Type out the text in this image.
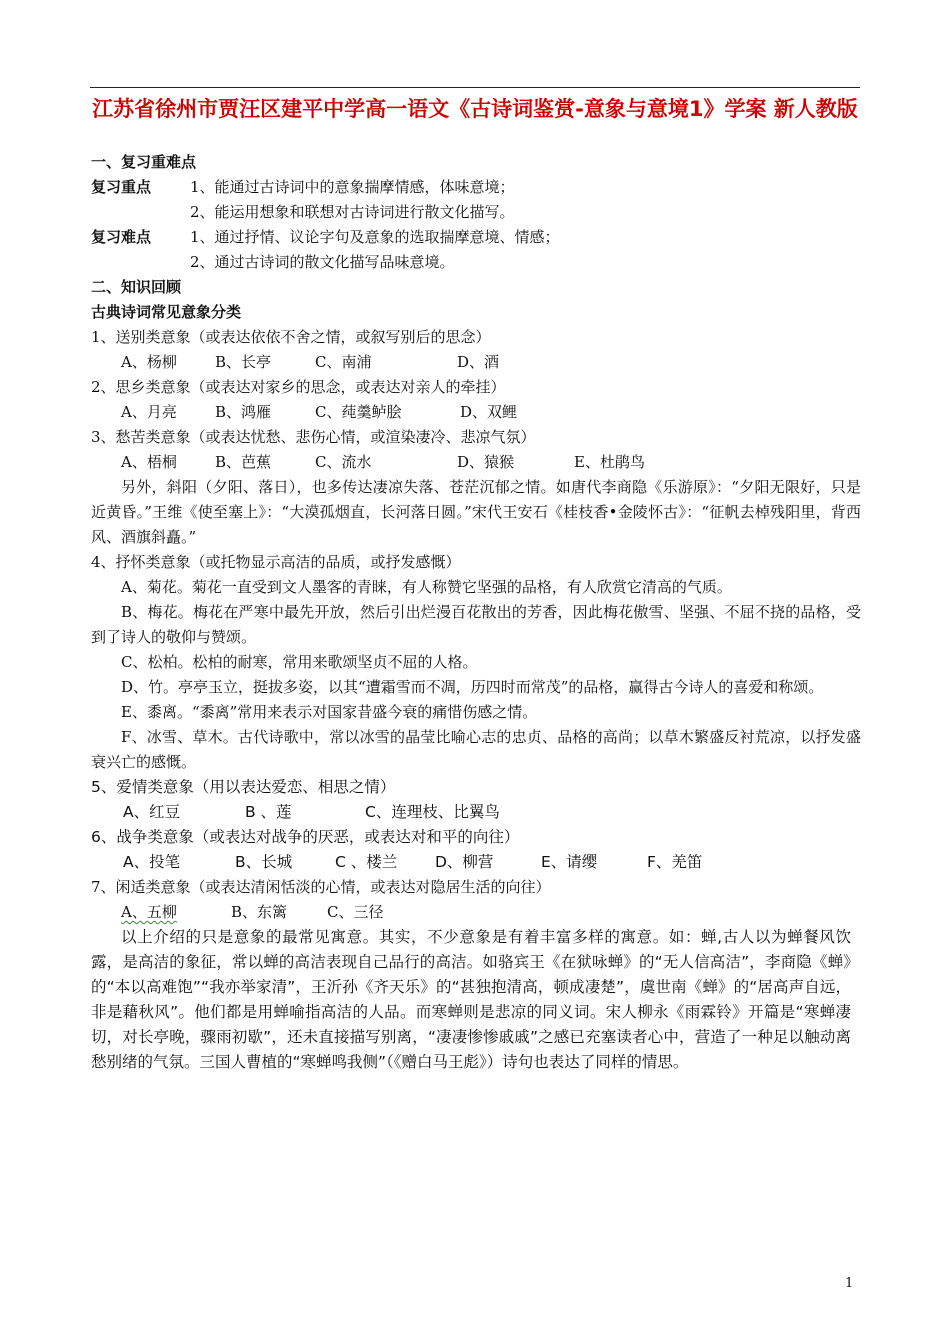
江苏省徐州市贾汪区建平中学高一语文《古诗词鉴赏-意象与意境1》学案 新人教版
一、复习重难点
复习重点	1、能通过古诗词中的意象揣摩情感，体味意境；
2、能运用想象和联想对古诗词进行散文化描写。
复习难点	1、通过抒情、议论字句及意象的选取揣摩意境、情感；
2、通过古诗词的散文化描写品味意境。
二、知识回顾
古典诗词常见意象分类
1、送别类意象（或表达依依不舍之情，或叙写别后的思念）
A、杨柳	B、长亭	C、南浦	D、酒
2、思乡类意象（或表达对家乡的思念，或表达对亲人的牵挂）
A、月亮	B、鸿雁	C、莼羹鲈脍	D、双鲤
3、愁苦类意象（或表达忧愁、悲伤心情，或渲染凄冷、悲凉气氛）
A、梧桐	B、芭蕉	C、流水	D、猿猴	E、杜鹃鸟
另外，斜阳（夕阳、落日），也多传达凄凉失落、苍茫沉郁之情。如唐代李商隐《乐游原》：“夕阳无限好，只是近黄昏。”王维《使至塞上》：“大漠孤烟直，长河落日圆。”宋代王安石《桂枝香•金陵怀古》：“征帆去棹残阳里，背西风、酒旗斜矗。”
4、抒怀类意象（或托物显示高洁的品质，或抒发感慨）
A、菊花。菊花一直受到文人墨客的青睐，有人称赞它坚强的品格，有人欣赏它清高的气质。
B、梅花。梅花在严寒中最先开放，然后引出烂漫百花散出的芳香，因此梅花傲雪、坚强、不屈不挠的品格，受到了诗人的敬仰与赞颂。
C、松柏。松柏的耐寒，常用来歌颂坚贞不屈的人格。
D、竹。亭亭玉立，挺拔多姿，以其“遭霜雪而不凋，历四时而常茂”的品格，赢得古今诗人的喜爱和称颂。
E、黍离。“黍离”常用来表示对国家昔盛今衰的痛惜伤感之情。
F、冰雪、草木。古代诗歌中，常以冰雪的晶莹比喻心志的忠贞、品格的高尚；以草木繁盛反衬荒凉，以抒发盛衰兴亡的感慨。
5、爱情类意象（用以表达爱恋、相思之情）
A、红豆	B 、莲	C、连理枝、比翼鸟
6、战争类意象（或表达对战争的厌恶，或表达对和平的向往）
A、投笔	B、长城	C 、楼兰 D、柳营	E、请缨	F、羌笛
7、闲适类意象（或表达清闲恬淡的心情，或表达对隐居生活的向往）
A、五柳	B、东篱	C、三径
以上介绍的只是意象的最常见寓意。其实，不少意象是有着丰富多样的寓意。如：蝉,古人以为蝉餐风饮露，是高洁的象征，常以蝉的高洁表现自己品行的高洁。如骆宾王《在狱咏蝉》的“无人信高洁”，李商隐《蝉》的“本以高难饱”“我亦举家清”，王沂孙《齐天乐》的“甚独抱清高，顿成凄楚”，虞世南《蝉》的“居高声自远，非是藉秋风”。他们都是用蝉喻指高洁的人品。而寒蝉则是悲凉的同义词。宋人柳永《雨霖铃》开篇是“寒蝉凄切，对长亭晚，骤雨初歇”，还未直接描写别离，“凄凄惨惨戚戚”之感已充塞读者心中，营造了一种足以触动离愁别绪的气氛。三国人曹植的“寒蝉鸣我侧”（《赠白马王彪》）诗句也表达了同样的情思。
1
